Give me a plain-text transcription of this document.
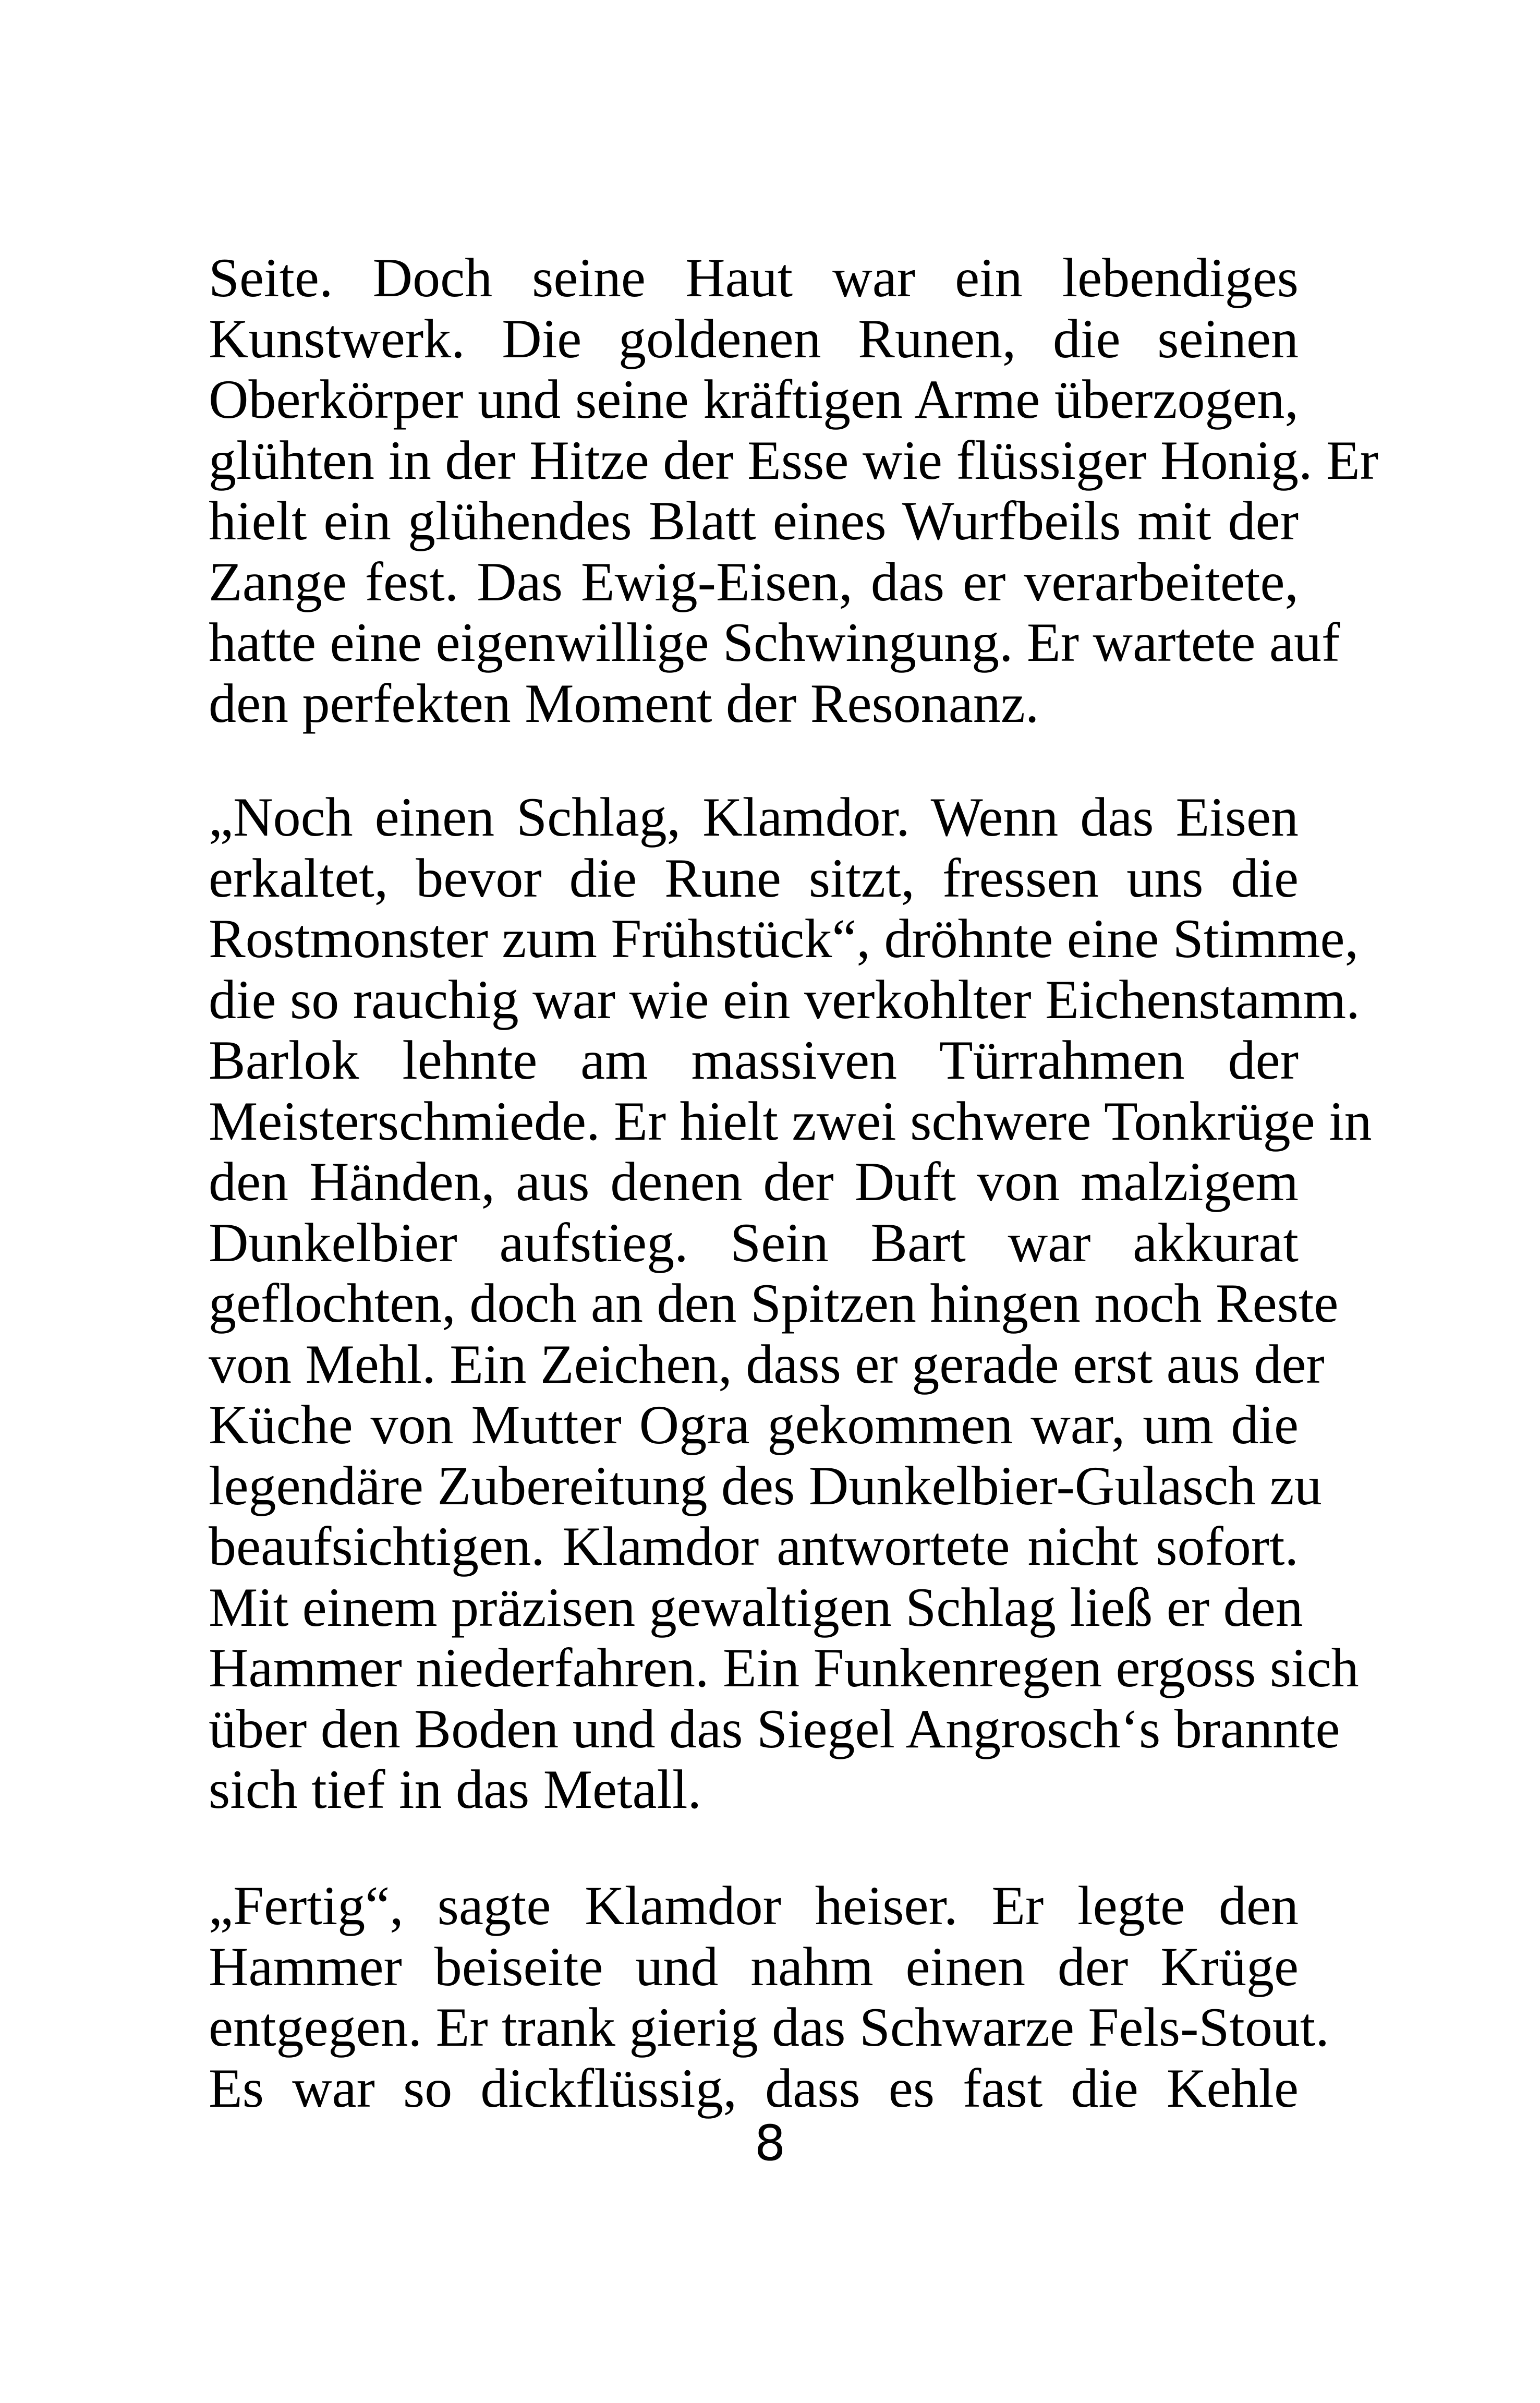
Seite. Doch seine Haut war ein lebendiges
Kunstwerk. Die goldenen Runen, die seinen
Oberkörper und seine kräftigen Arme überzogen,
glühten in der Hitze der Esse wie flüssiger Honig. Er
hielt ein glühendes Blatt eines Wurfbeils mit der
Zange fest. Das Ewig-Eisen, das er verarbeitete,
hatte eine eigenwillige Schwingung. Er wartete auf
den perfekten Moment der Resonanz.
„Noch einen Schlag, Klamdor. Wenn das Eisen
erkaltet, bevor die Rune sitzt, fressen uns die
Rostmonster zum Frühstück“, dröhnte eine Stimme,
die so rauchig war wie ein verkohlter Eichenstamm.
Barlok lehnte am massiven Türrahmen der
Meisterschmiede. Er hielt zwei schwere Tonkrüge in
den Händen, aus denen der Duft von malzigem
Dunkelbier aufstieg. Sein Bart war akkurat
geflochten, doch an den Spitzen hingen noch Reste
von Mehl. Ein Zeichen, dass er gerade erst aus der
Küche von Mutter Ogra gekommen war, um die
legendäre Zubereitung des Dunkelbier-Gulasch zu
beaufsichtigen. Klamdor antwortete nicht sofort.
Mit einem präzisen gewaltigen Schlag ließ er den
Hammer niederfahren. Ein Funkenregen ergoss sich
über den Boden und das Siegel Angrosch‘s brannte
sich tief in das Metall.
„Fertig“, sagte Klamdor heiser. Er legte den
Hammer beiseite und nahm einen der Krüge
entgegen. Er trank gierig das Schwarze Fels-Stout.
Es war so dickflüssig, dass es fast die Kehle
8
